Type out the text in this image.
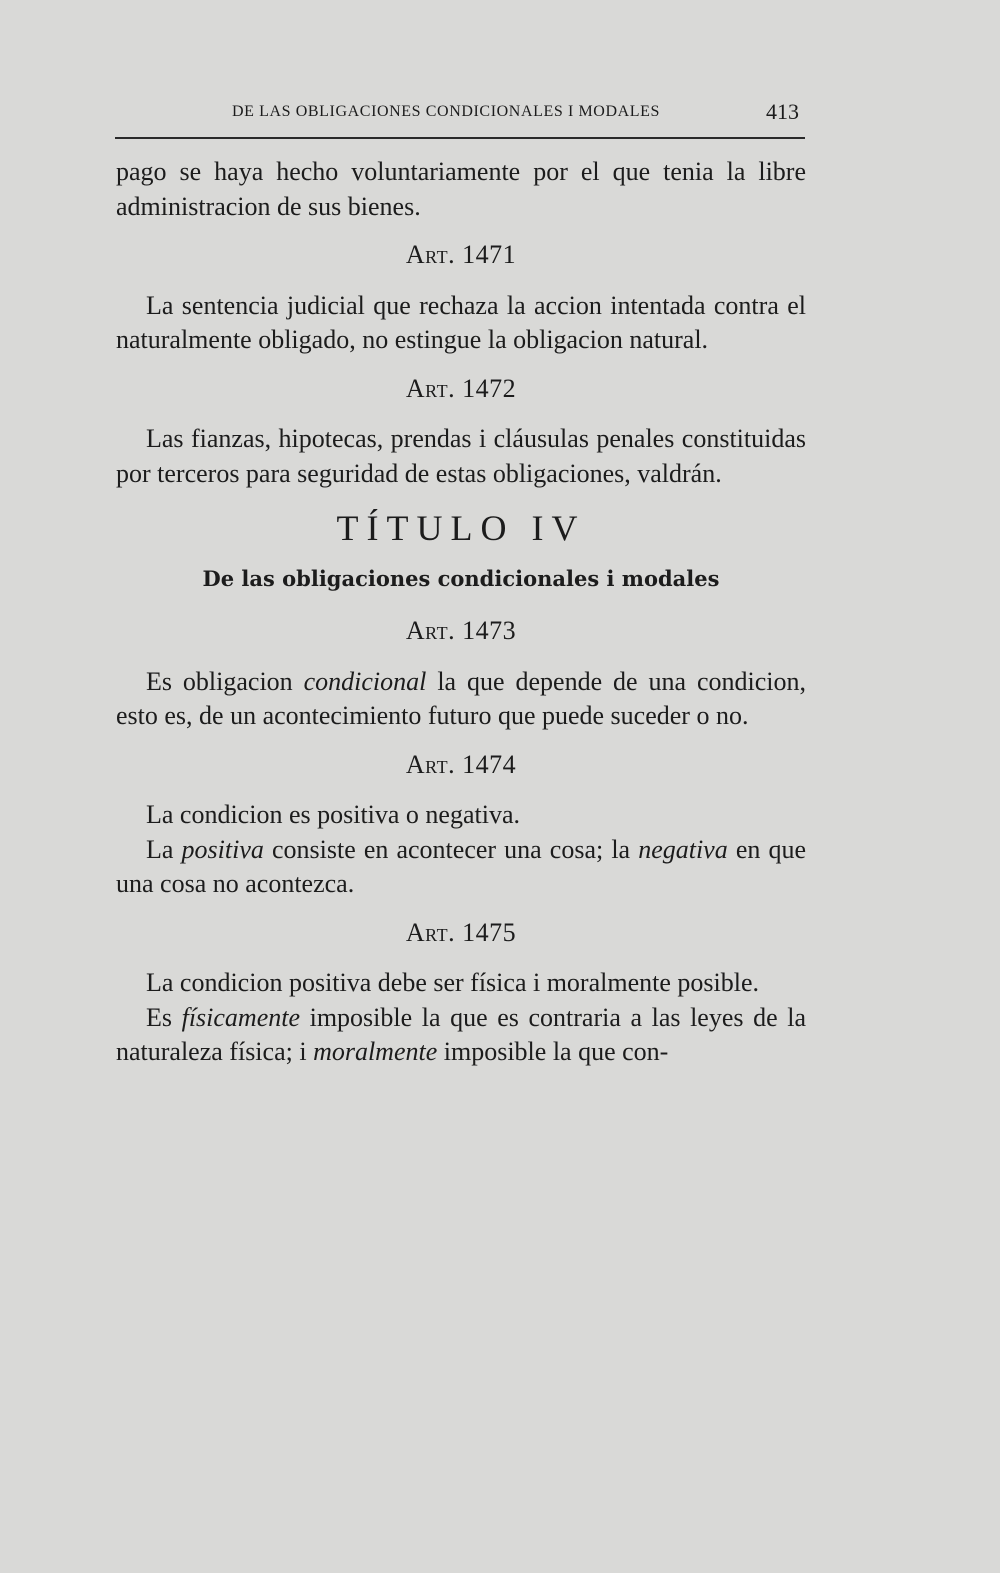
DE LAS OBLIGACIONES CONDICIONALES I MODALES	413

pago se haya hecho voluntariamente por el que tenia la libre administracion de sus bienes.

Art. 1471

La sentencia judicial que rechaza la accion intentada contra el naturalmente obligado, no estingue la obligacion natural.

Art. 1472

Las fianzas, hipotecas, prendas i cláusulas penales constituidas por terceros para seguridad de estas obligaciones, valdrán.

TÍTULO IV

De las obligaciones condicionales i modales

Art. 1473

Es obligacion condicional la que depende de una condicion, esto es, de un acontecimiento futuro que puede suceder o no.

Art. 1474

La condicion es positiva o negativa.

La positiva consiste en acontecer una cosa; la negativa en que una cosa no acontezca.

Art. 1475

La condicion positiva debe ser física i moralmente posible.

Es físicamente imposible la que es contraria a las leyes de la naturaleza física; i moralmente imposible la que con-
